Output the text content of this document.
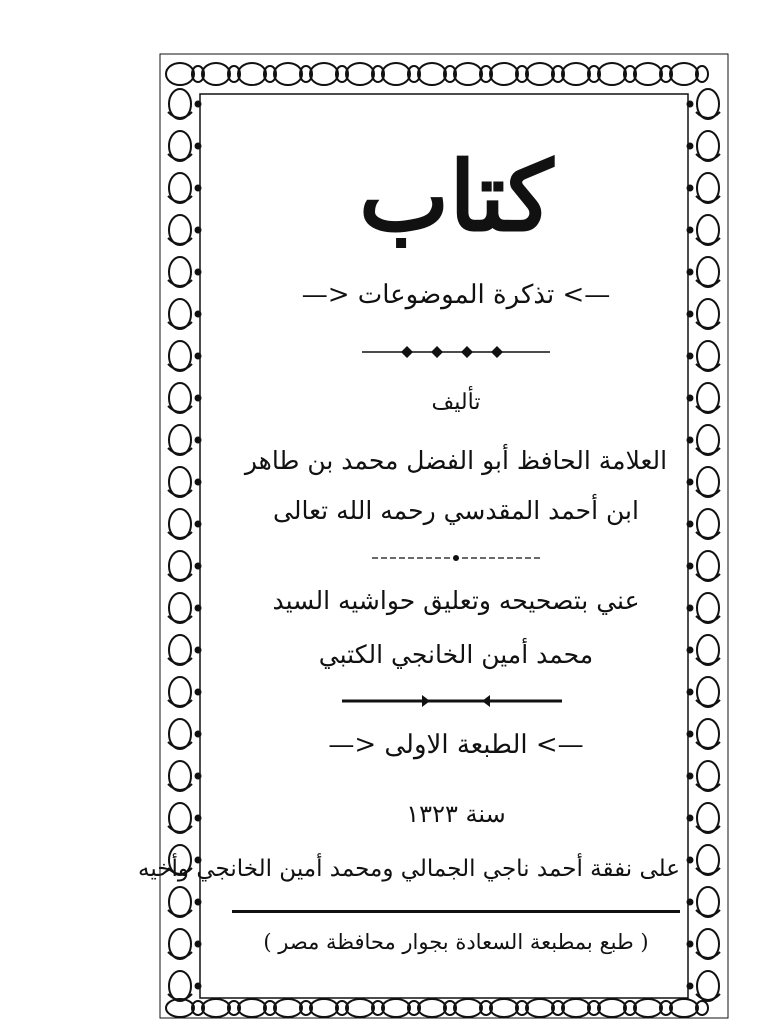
كتاب
—> تذكرة الموضوعات <—
تأليف
العلامة الحافظ أبو الفضل محمد بن طاهر
ابن أحمد المقدسي رحمه الله تعالى
عني بتصحيحه وتعليق حواشيه السيد
محمد أمين الخانجي الكتبي
—> الطبعة الاولى <—
سنة ١٣٢٣
على نفقة أحمد ناجي الجمالي ومحمد أمين الخانجي وأخيه
( طبع بمطبعة السعادة بجوار محافظة مصر )
